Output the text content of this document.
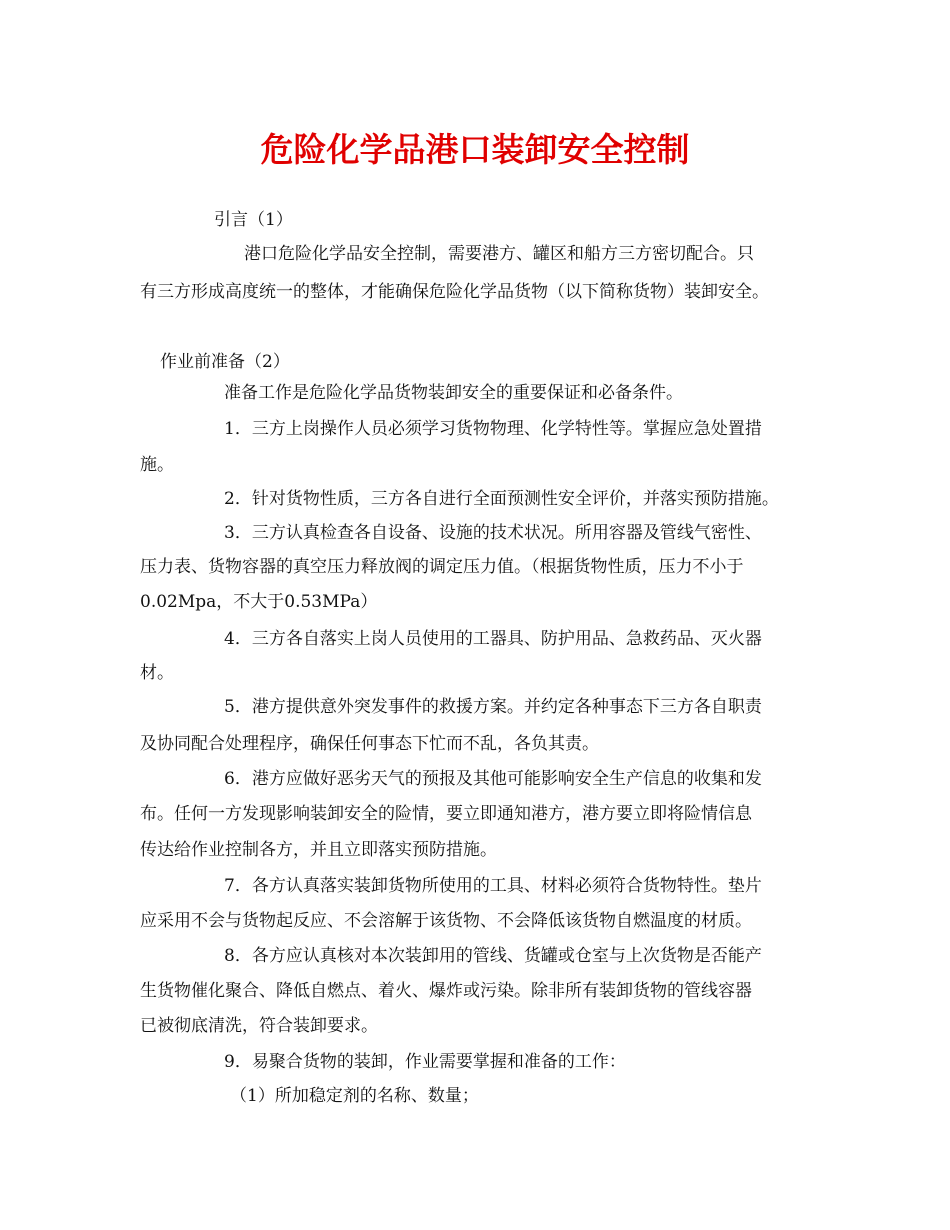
危险化学品港口装卸安全控制
引言（1）
港口危险化学品安全控制，需要港方、罐区和船方三方密切配合。只
有三方形成高度统一的整体，才能确保危险化学品货物（以下简称货物）装卸安全。
作业前准备（2）
准备工作是危险化学品货物装卸安全的重要保证和必备条件。
1．三方上岗操作人员必须学习货物物理、化学特性等。掌握应急处置措
施。
2．针对货物性质，三方各自进行全面预测性安全评价，并落实预防措施。
3．三方认真检查各自设备、设施的技术状况。所用容器及管线气密性、
压力表、货物容器的真空压力释放阀的调定压力值。（根据货物性质，压力不小于
0.02Mpa，不大于0.53MPa）
4．三方各自落实上岗人员使用的工器具、防护用品、急救药品、灭火器
材。
5．港方提供意外突发事件的救援方案。并约定各种事态下三方各自职责
及协同配合处理程序，确保任何事态下忙而不乱，各负其责。
6．港方应做好恶劣天气的预报及其他可能影响安全生产信息的收集和发
布。任何一方发现影响装卸安全的险情，要立即通知港方，港方要立即将险情信息
传达给作业控制各方，并且立即落实预防措施。
7．各方认真落实装卸货物所使用的工具、材料必须符合货物特性。垫片
应采用不会与货物起反应、不会溶解于该货物、不会降低该货物自燃温度的材质。
8．各方应认真核对本次装卸用的管线、货罐或仓室与上次货物是否能产
生货物催化聚合、降低自燃点、着火、爆炸或污染。除非所有装卸货物的管线容器
已被彻底清洗，符合装卸要求。
9．易聚合货物的装卸，作业需要掌握和准备的工作：
（1）所加稳定剂的名称、数量；
